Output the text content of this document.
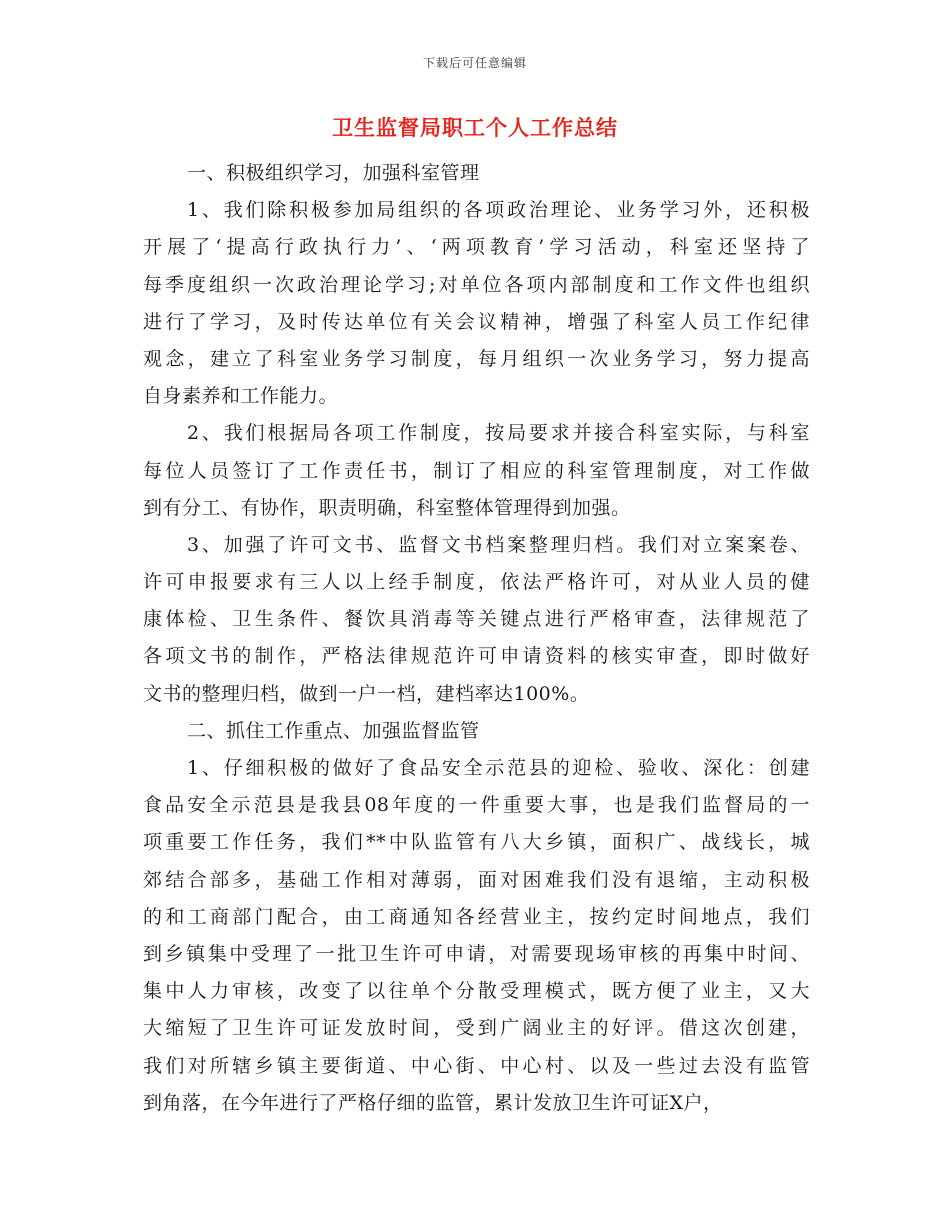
下载后可任意编辑
卫生监督局职工个人工作总结
一、积极组织学习，加强科室管理
1、我们除积极参加局组织的各项政治理论、业务学习外，还积极
开展了‘提高行政执行力’、‘两项教育’学习活动，科室还坚持了
每季度组织一次政治理论学习;对单位各项内部制度和工作文件也组织
进行了学习，及时传达单位有关会议精神，增强了科室人员工作纪律
观念，建立了科室业务学习制度，每月组织一次业务学习，努力提高
自身素养和工作能力。
2、我们根据局各项工作制度，按局要求并接合科室实际，与科室
每位人员签订了工作责任书，制订了相应的科室管理制度，对工作做
到有分工、有协作，职责明确，科室整体管理得到加强。
3、加强了许可文书、监督文书档案整理归档。我们对立案案卷、
许可申报要求有三人以上经手制度，依法严格许可，对从业人员的健
康体检、卫生条件、餐饮具消毒等关键点进行严格审查，法律规范了
各项文书的制作，严格法律规范许可申请资料的核实审查，即时做好
文书的整理归档，做到一户一档，建档率达100%。
二、抓住工作重点、加强监督监管
1、仔细积极的做好了食品安全示范县的迎检、验收、深化：创建
食品安全示范县是我县08年度的一件重要大事，也是我们监督局的一
项重要工作任务，我们**中队监管有八大乡镇，面积广、战线长，城
郊结合部多，基础工作相对薄弱，面对困难我们没有退缩，主动积极
的和工商部门配合，由工商通知各经营业主，按约定时间地点，我们
到乡镇集中受理了一批卫生许可申请，对需要现场审核的再集中时间、
集中人力审核，改变了以往单个分散受理模式，既方便了业主，又大
大缩短了卫生许可证发放时间，受到广阔业主的好评。借这次创建，
我们对所辖乡镇主要街道、中心街、中心村、以及一些过去没有监管
到角落，在今年进行了严格仔细的监管，累计发放卫生许可证X户，
